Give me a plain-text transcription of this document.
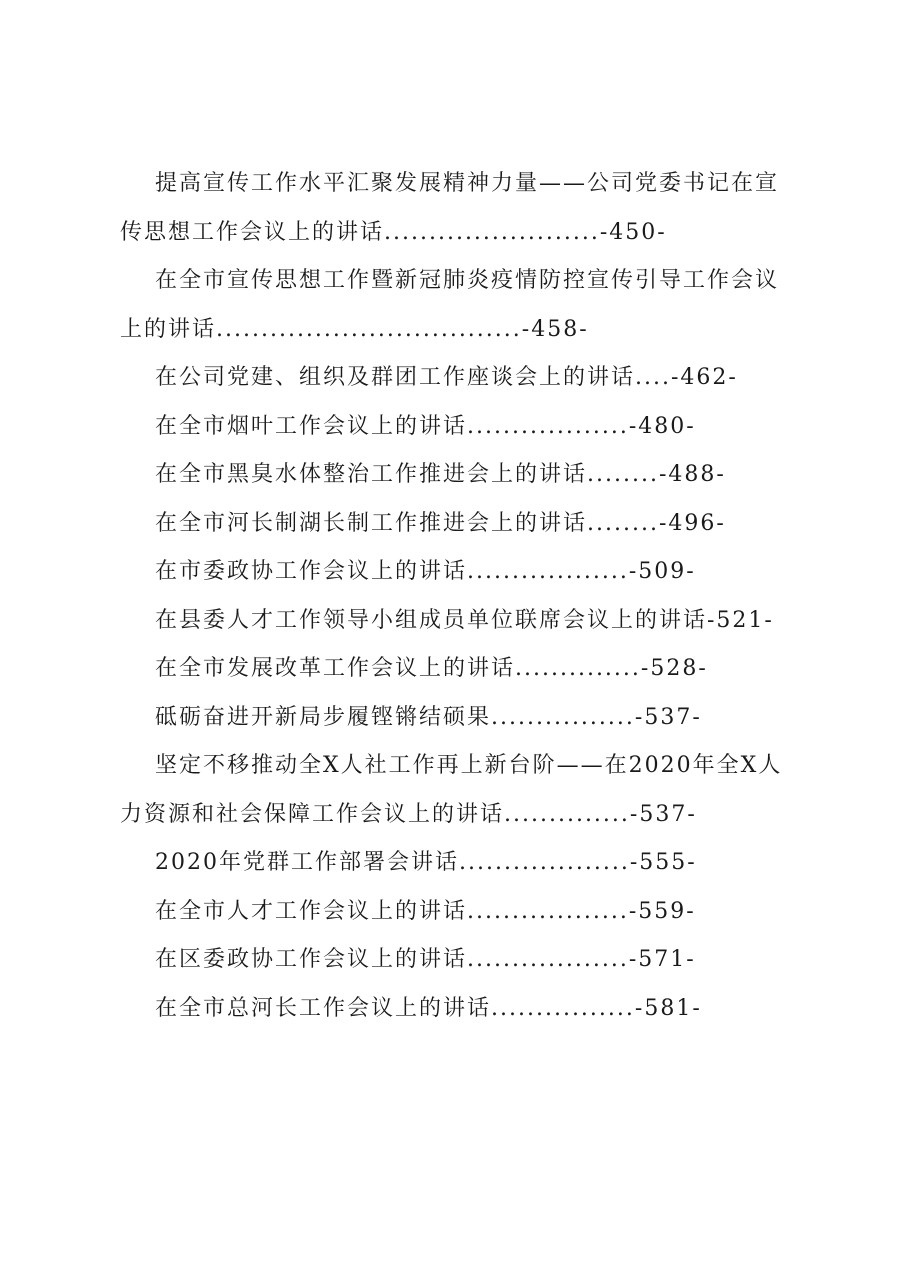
提高宣传工作水平汇聚发展精神力量——公司党委书记在宣
传思想工作会议上的讲话........................-450-
在全市宣传思想工作暨新冠肺炎疫情防控宣传引导工作会议
上的讲话..................................-458-
在公司党建、组织及群团工作座谈会上的讲话....-462-
在全市烟叶工作会议上的讲话..................-480-
在全市黑臭水体整治工作推进会上的讲话........-488-
在全市河长制湖长制工作推进会上的讲话........-496-
在市委政协工作会议上的讲话..................-509-
在县委人才工作领导小组成员单位联席会议上的讲话-521-
在全市发展改革工作会议上的讲话..............-528-
砥砺奋进开新局步履铿锵结硕果................-537-
坚定不移推动全X人社工作再上新台阶——在2020年全X人
力资源和社会保障工作会议上的讲话..............-537-
2020年党群工作部署会讲话...................-555-
在全市人才工作会议上的讲话..................-559-
在区委政协工作会议上的讲话..................-571-
在全市总河长工作会议上的讲话................-581-
